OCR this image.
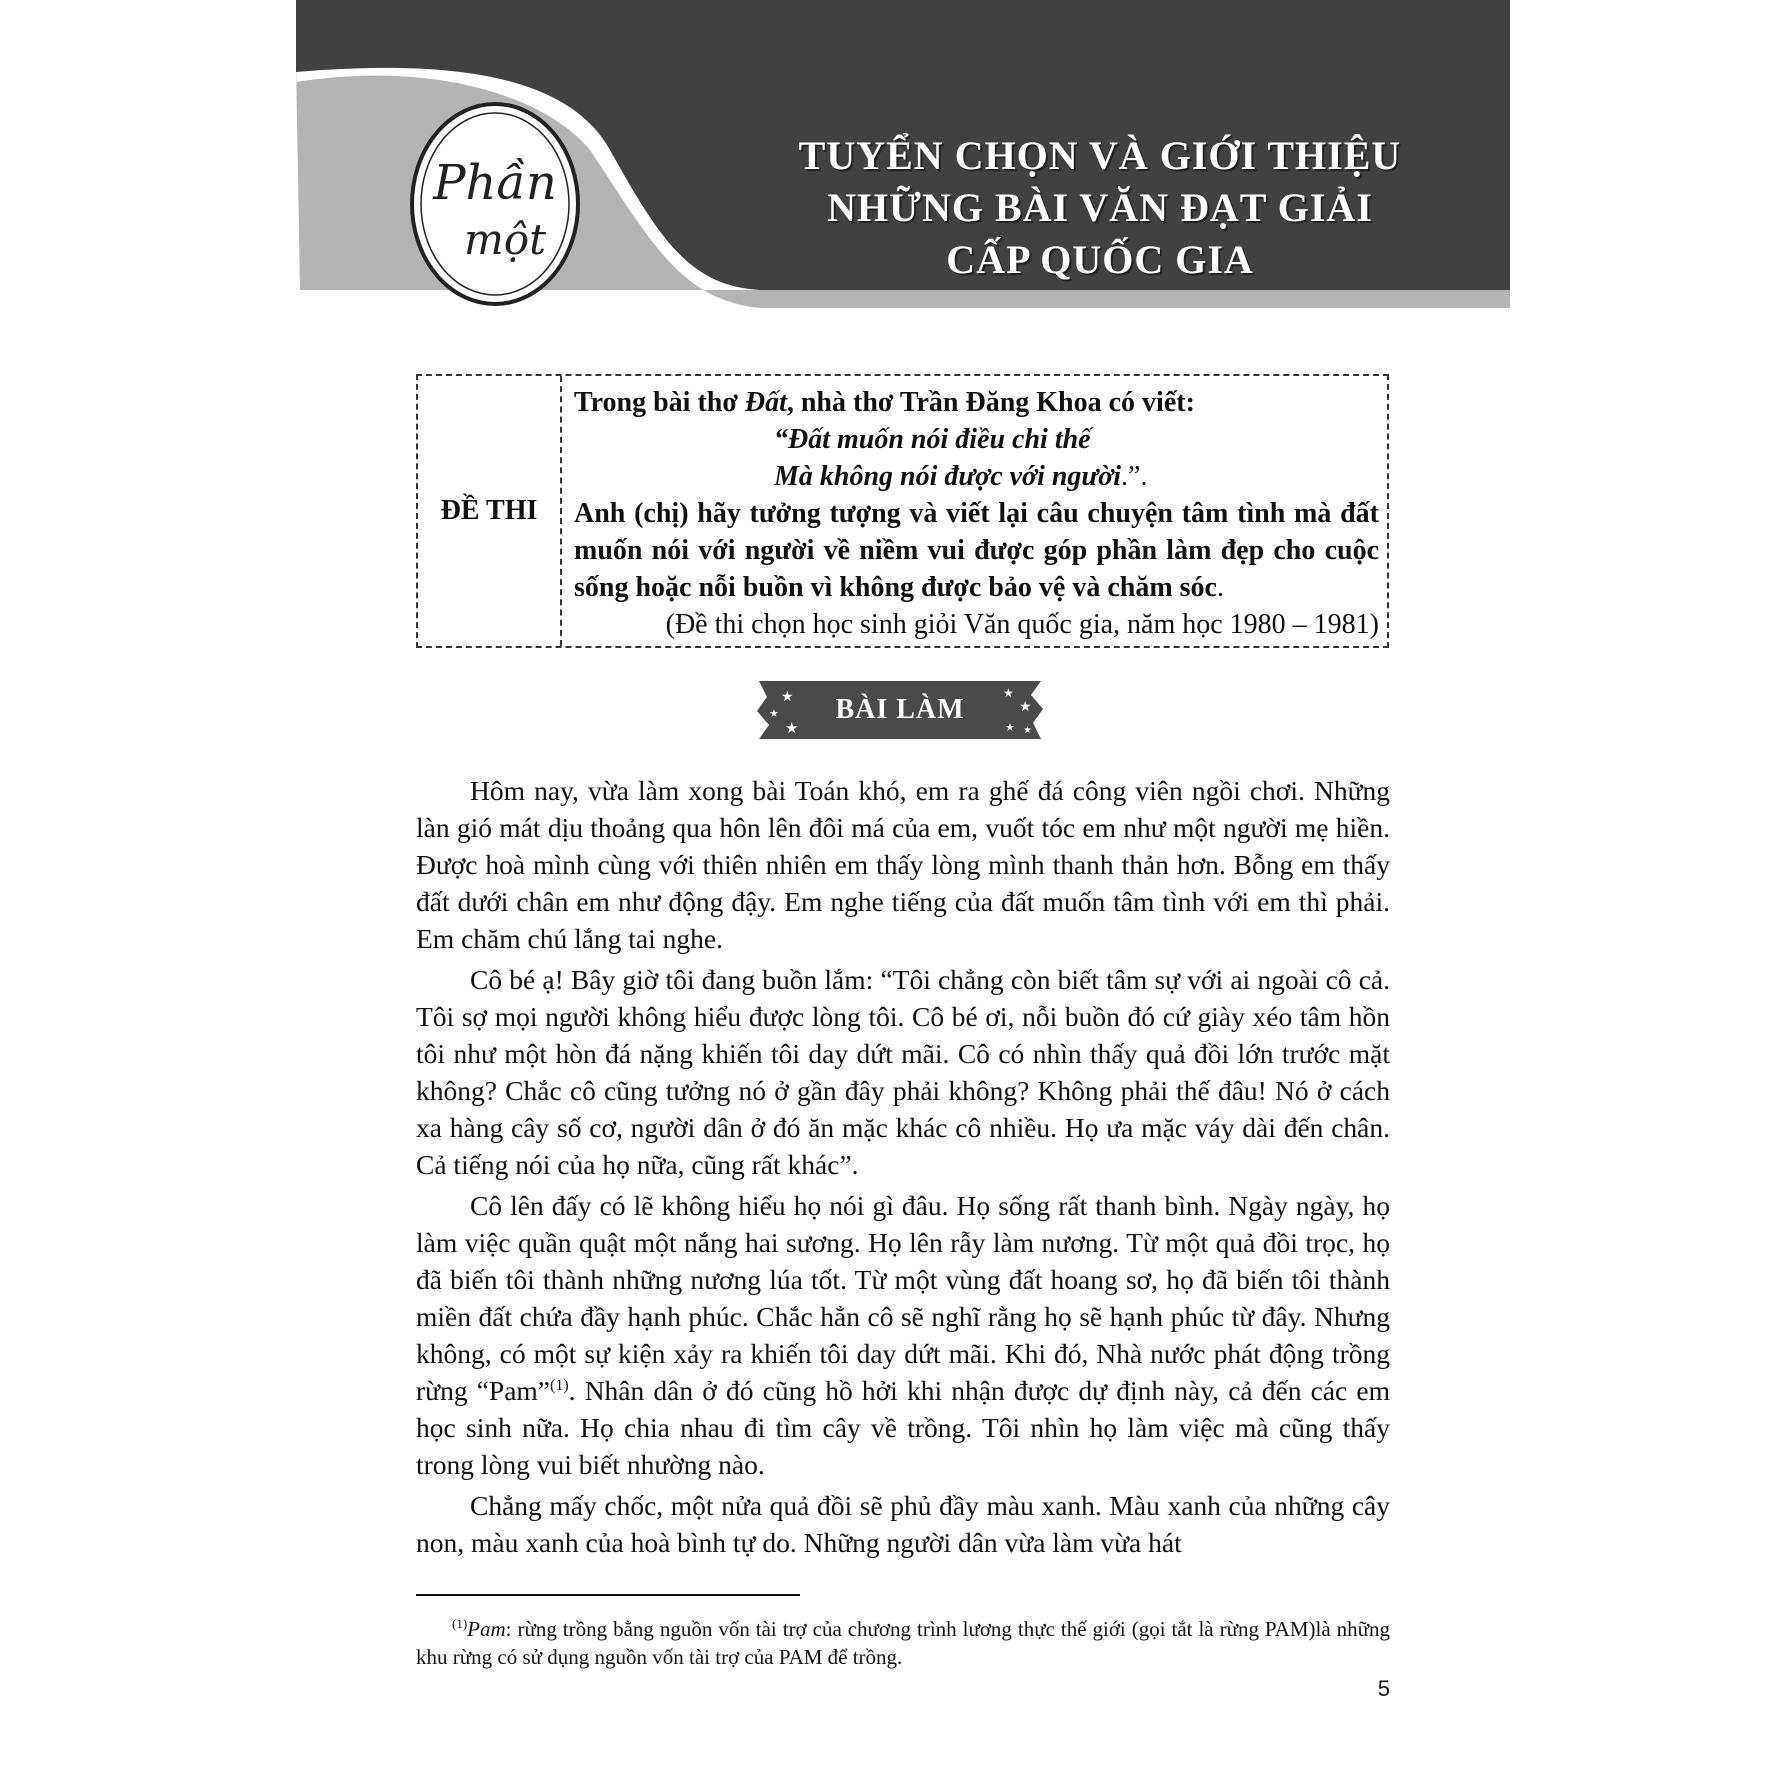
Phần
một
TUYỂN CHỌN VÀ GIỚI THIỆU
NHỮNG BÀI VĂN ĐẠT GIẢI
CẤP QUỐC GIA
ĐỀ THI
Trong bài thơ Đất, nhà thơ Trần Đăng Khoa có viết:
“Đất muốn nói điều chi thế
Mà không nói được với người.”.
Anh (chị) hãy tưởng tượng và viết lại câu chuyện tâm tình mà đất muốn nói với người về niềm vui được góp phần làm đẹp cho cuộc sống hoặc nỗi buồn vì không được bảo vệ và chăm sóc.
(Đề thi chọn học sinh giỏi Văn quốc gia, năm học 1980 – 1981)
★
★
★
★
★
★ ★
BÀI LÀM

Hôm nay, vừa làm xong bài Toán khó, em ra ghế đá công viên ngồi chơi. Những làn gió mát dịu thoảng qua hôn lên đôi má của em, vuốt tóc em như một người mẹ hiền. Được hoà mình cùng với thiên nhiên em thấy lòng mình thanh thản hơn. Bỗng em thấy đất dưới chân em như động đậy. Em nghe tiếng của đất muốn tâm tình với em thì phải. Em chăm chú lắng tai nghe.

Cô bé ạ! Bây giờ tôi đang buồn lắm: “Tôi chẳng còn biết tâm sự với ai ngoài cô cả. Tôi sợ mọi người không hiểu được lòng tôi. Cô bé ơi, nỗi buồn đó cứ giày xéo tâm hồn tôi như một hòn đá nặng khiến tôi day dứt mãi. Cô có nhìn thấy quả đồi lớn trước mặt không? Chắc cô cũng tưởng nó ở gần đây phải không? Không phải thế đâu! Nó ở cách xa hàng cây số cơ, người dân ở đó ăn mặc khác cô nhiều. Họ ưa mặc váy dài đến chân. Cả tiếng nói của họ nữa, cũng rất khác”.

Cô lên đấy có lẽ không hiểu họ nói gì đâu. Họ sống rất thanh bình. Ngày ngày, họ làm việc quần quật một nắng hai sương. Họ lên rẫy làm nương. Từ một quả đồi trọc, họ đã biến tôi thành những nương lúa tốt. Từ một vùng đất hoang sơ, họ đã biến tôi thành miền đất chứa đầy hạnh phúc. Chắc hẳn cô sẽ nghĩ rằng họ sẽ hạnh phúc từ đây. Nhưng không, có một sự kiện xảy ra khiến tôi day dứt mãi. Khi đó, Nhà nước phát động trồng rừng “Pam”$^{(1)}$. Nhân dân ở đó cũng hồ hởi khi nhận được dự định này, cả đến các em học sinh nữa. Họ chia nhau đi tìm cây về trồng. Tôi nhìn họ làm việc mà cũng thấy trong lòng vui biết nhường nào.

Chẳng mấy chốc, một nửa quả đồi sẽ phủ đầy màu xanh. Màu xanh của những cây non, màu xanh của hoà bình tự do. Những người dân vừa làm vừa hát

$^{(1)}$Pam: rừng trồng bằng nguồn vốn tài trợ của chương trình lương thực thế giới (gọi tắt là rừng PAM)là những khu rừng có sử dụng nguồn vốn tài trợ của PAM để trồng.
5
